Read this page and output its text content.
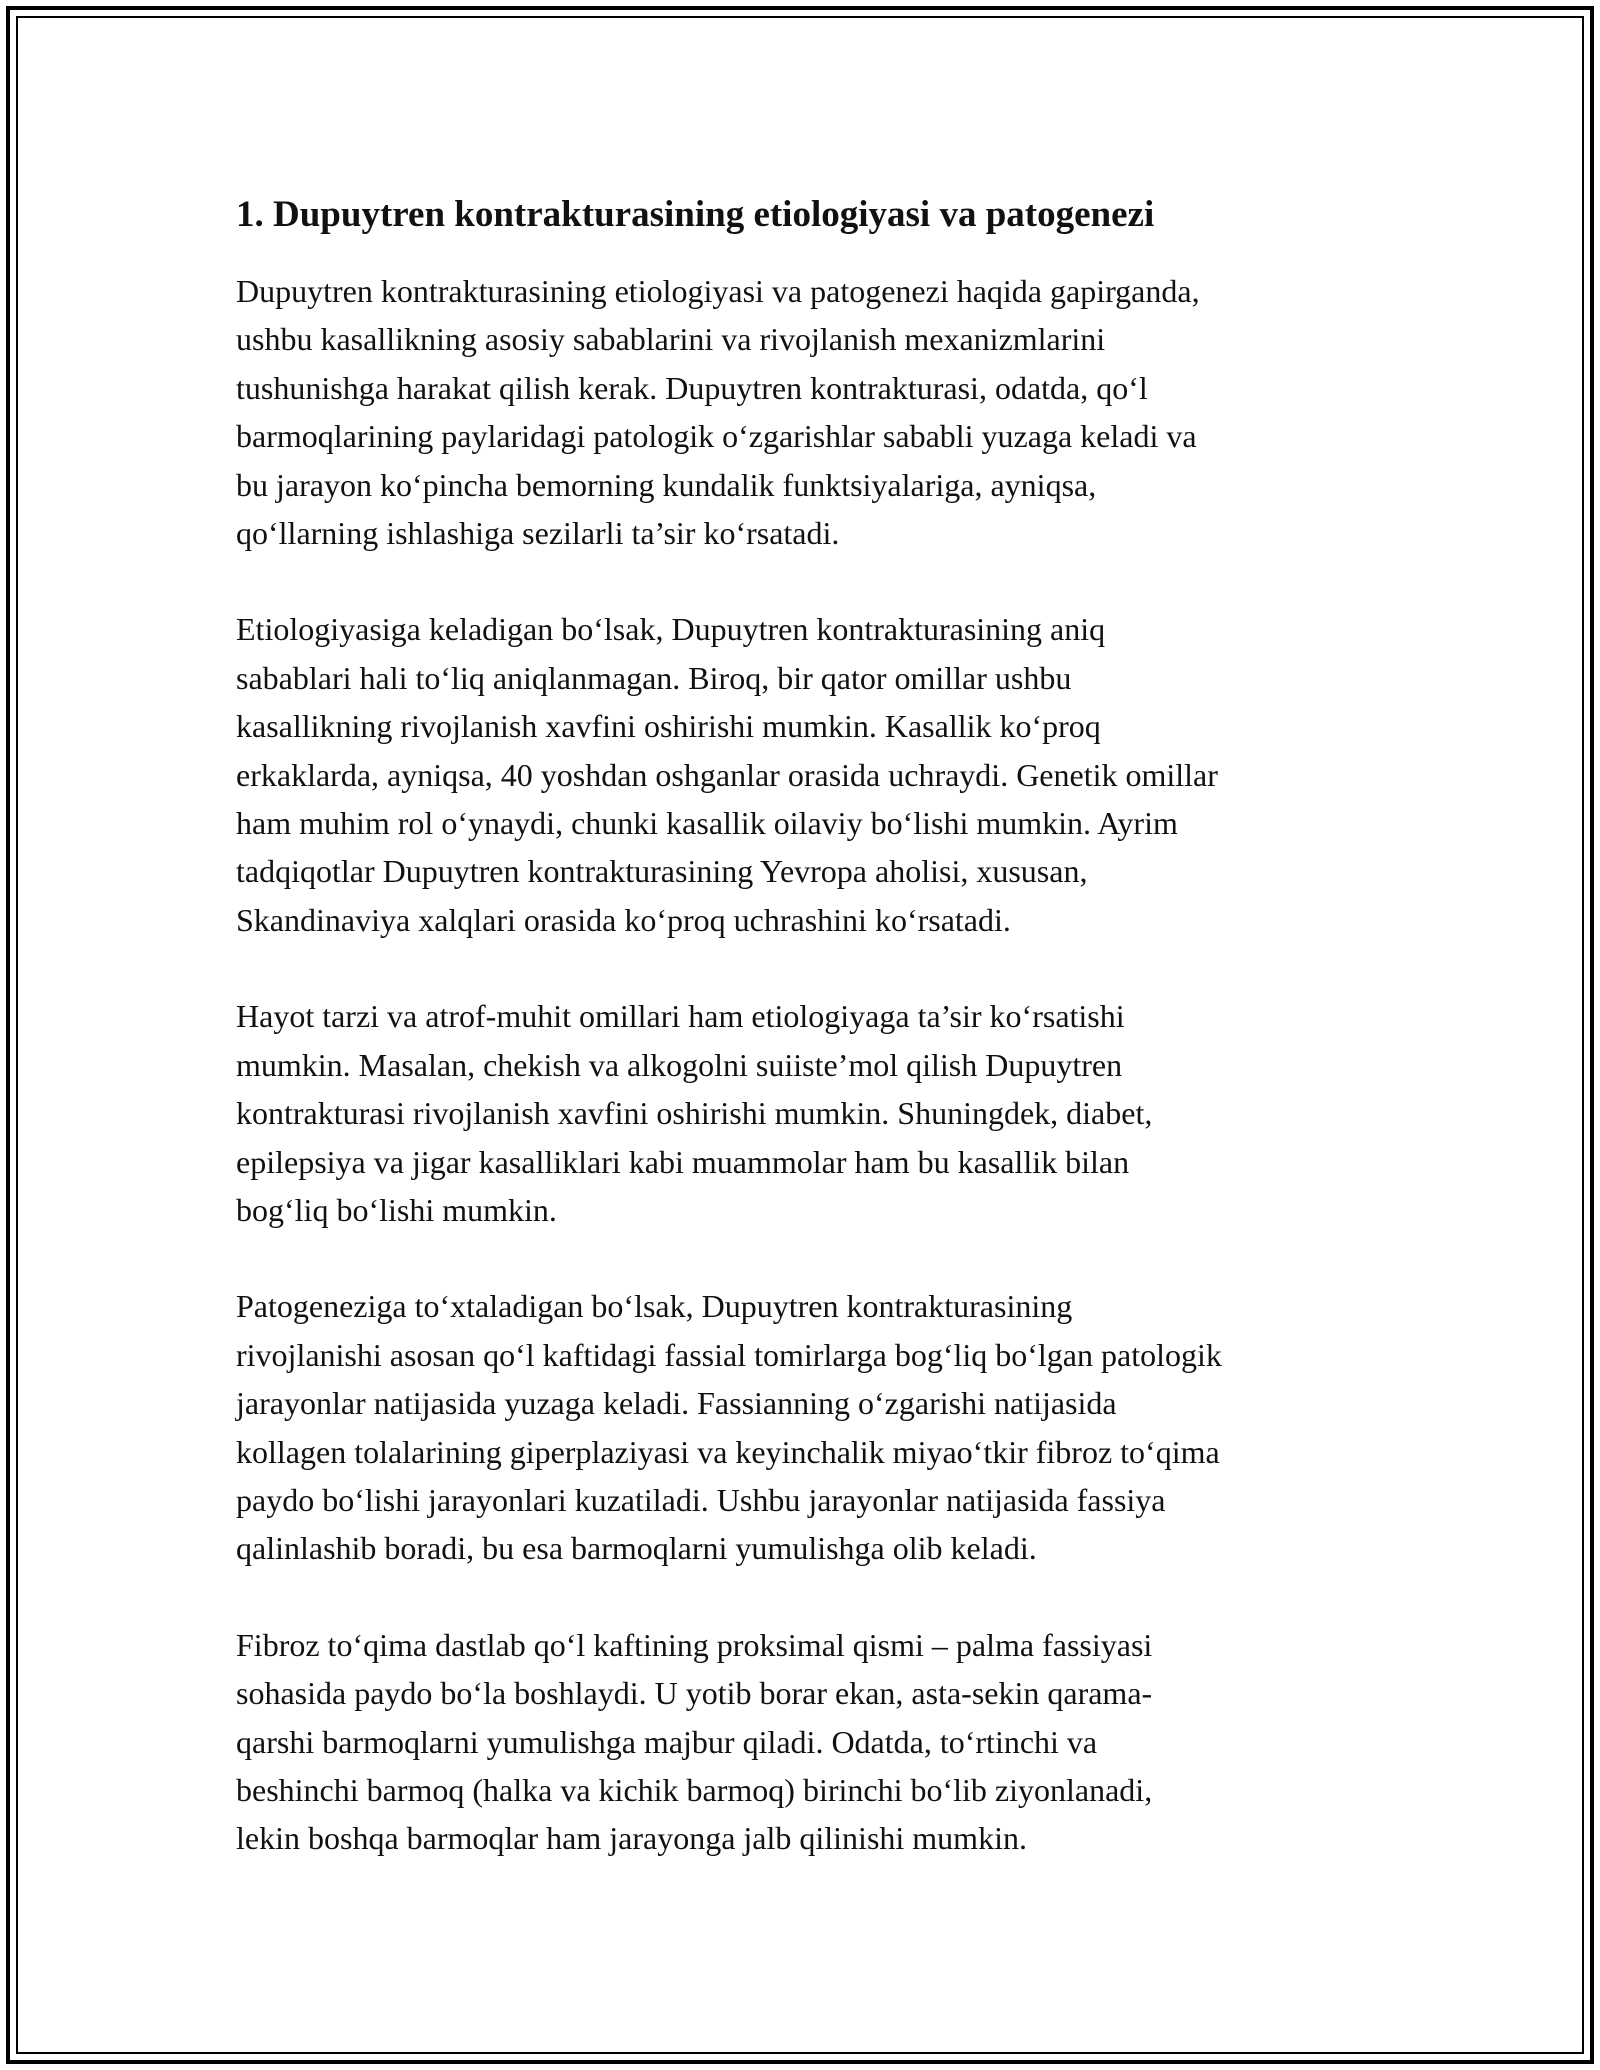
1. Dupuytren kontrakturasining etiologiyasi va patogenezi

Dupuytren kontrakturasining etiologiyasi va patogenezi haqida gapirganda,
ushbu kasallikning asosiy sabablarini va rivojlanish mexanizmlarini
tushunishga harakat qilish kerak. Dupuytren kontrakturasi, odatda, qo‘l
barmoqlarining paylaridagi patologik o‘zgarishlar sababli yuzaga keladi va
bu jarayon ko‘pincha bemorning kundalik funktsiyalariga, ayniqsa,
qo‘llarning ishlashiga sezilarli ta’sir ko‘rsatadi.

Etiologiyasiga keladigan bo‘lsak, Dupuytren kontrakturasining aniq
sabablari hali to‘liq aniqlanmagan. Biroq, bir qator omillar ushbu
kasallikning rivojlanish xavfini oshirishi mumkin. Kasallik ko‘proq
erkaklarda, ayniqsa, 40 yoshdan oshganlar orasida uchraydi. Genetik omillar
ham muhim rol o‘ynaydi, chunki kasallik oilaviy bo‘lishi mumkin. Ayrim
tadqiqotlar Dupuytren kontrakturasining Yevropa aholisi, xususan,
Skandinaviya xalqlari orasida ko‘proq uchrashini ko‘rsatadi.

Hayot tarzi va atrof-muhit omillari ham etiologiyaga ta’sir ko‘rsatishi
mumkin. Masalan, chekish va alkogolni suiiste’mol qilish Dupuytren
kontrakturasi rivojlanish xavfini oshirishi mumkin. Shuningdek, diabet,
epilepsiya va jigar kasalliklari kabi muammolar ham bu kasallik bilan
bog‘liq bo‘lishi mumkin.

Patogeneziga to‘xtaladigan bo‘lsak, Dupuytren kontrakturasining
rivojlanishi asosan qo‘l kaftidagi fassial tomirlarga bog‘liq bo‘lgan patologik
jarayonlar natijasida yuzaga keladi. Fassianning o‘zgarishi natijasida
kollagen tolalarining giperplaziyasi va keyinchalik miyao‘tkir fibroz to‘qima
paydo bo‘lishi jarayonlari kuzatiladi. Ushbu jarayonlar natijasida fassiya
qalinlashib boradi, bu esa barmoqlarni yumulishga olib keladi.

Fibroz to‘qima dastlab qo‘l kaftining proksimal qismi – palma fassiyasi
sohasida paydo bo‘la boshlaydi. U yotib borar ekan, asta-sekin qarama-
qarshi barmoqlarni yumulishga majbur qiladi. Odatda, to‘rtinchi va
beshinchi barmoq (halka va kichik barmoq) birinchi bo‘lib ziyonlanadi,
lekin boshqa barmoqlar ham jarayonga jalb qilinishi mumkin.
